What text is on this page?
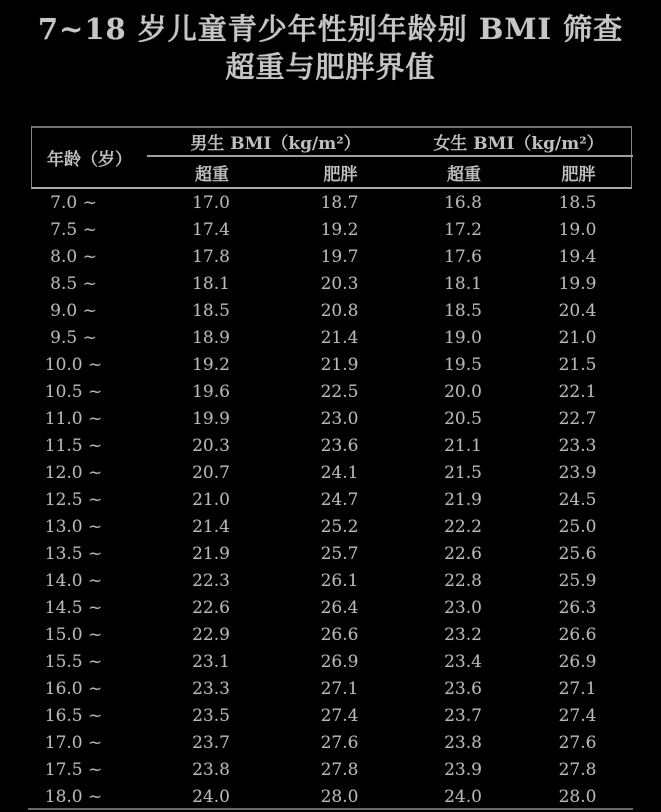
7~18 岁儿童青少年性别年龄别 BMI 筛查
超重与肥胖界值
年龄（岁）
男生 BMI（kg/m²）	女生 BMI（kg/m²）
超重	肥胖	超重	肥胖
7.0 ~	17.0	18.7	16.8	18.5
7.5 ~	17.4	19.2	17.2	19.0
8.0 ~	17.8	19.7	17.6	19.4
8.5 ~	18.1	20.3	18.1	19.9
9.0 ~	18.5	20.8	18.5	20.4
9.5 ~	18.9	21.4	19.0	21.0
10.0 ~	19.2	21.9	19.5	21.5
10.5 ~	19.6	22.5	20.0	22.1
11.0 ~	19.9	23.0	20.5	22.7
11.5 ~	20.3	23.6	21.1	23.3
12.0 ~	20.7	24.1	21.5	23.9
12.5 ~	21.0	24.7	21.9	24.5
13.0 ~	21.4	25.2	22.2	25.0
13.5 ~	21.9	25.7	22.6	25.6
14.0 ~	22.3	26.1	22.8	25.9
14.5 ~	22.6	26.4	23.0	26.3
15.0 ~	22.9	26.6	23.2	26.6
15.5 ~	23.1	26.9	23.4	26.9
16.0 ~	23.3	27.1	23.6	27.1
16.5 ~	23.5	27.4	23.7	27.4
17.0 ~	23.7	27.6	23.8	27.6
17.5 ~	23.8	27.8	23.9	27.8
18.0 ~	24.0	28.0	24.0	28.0
